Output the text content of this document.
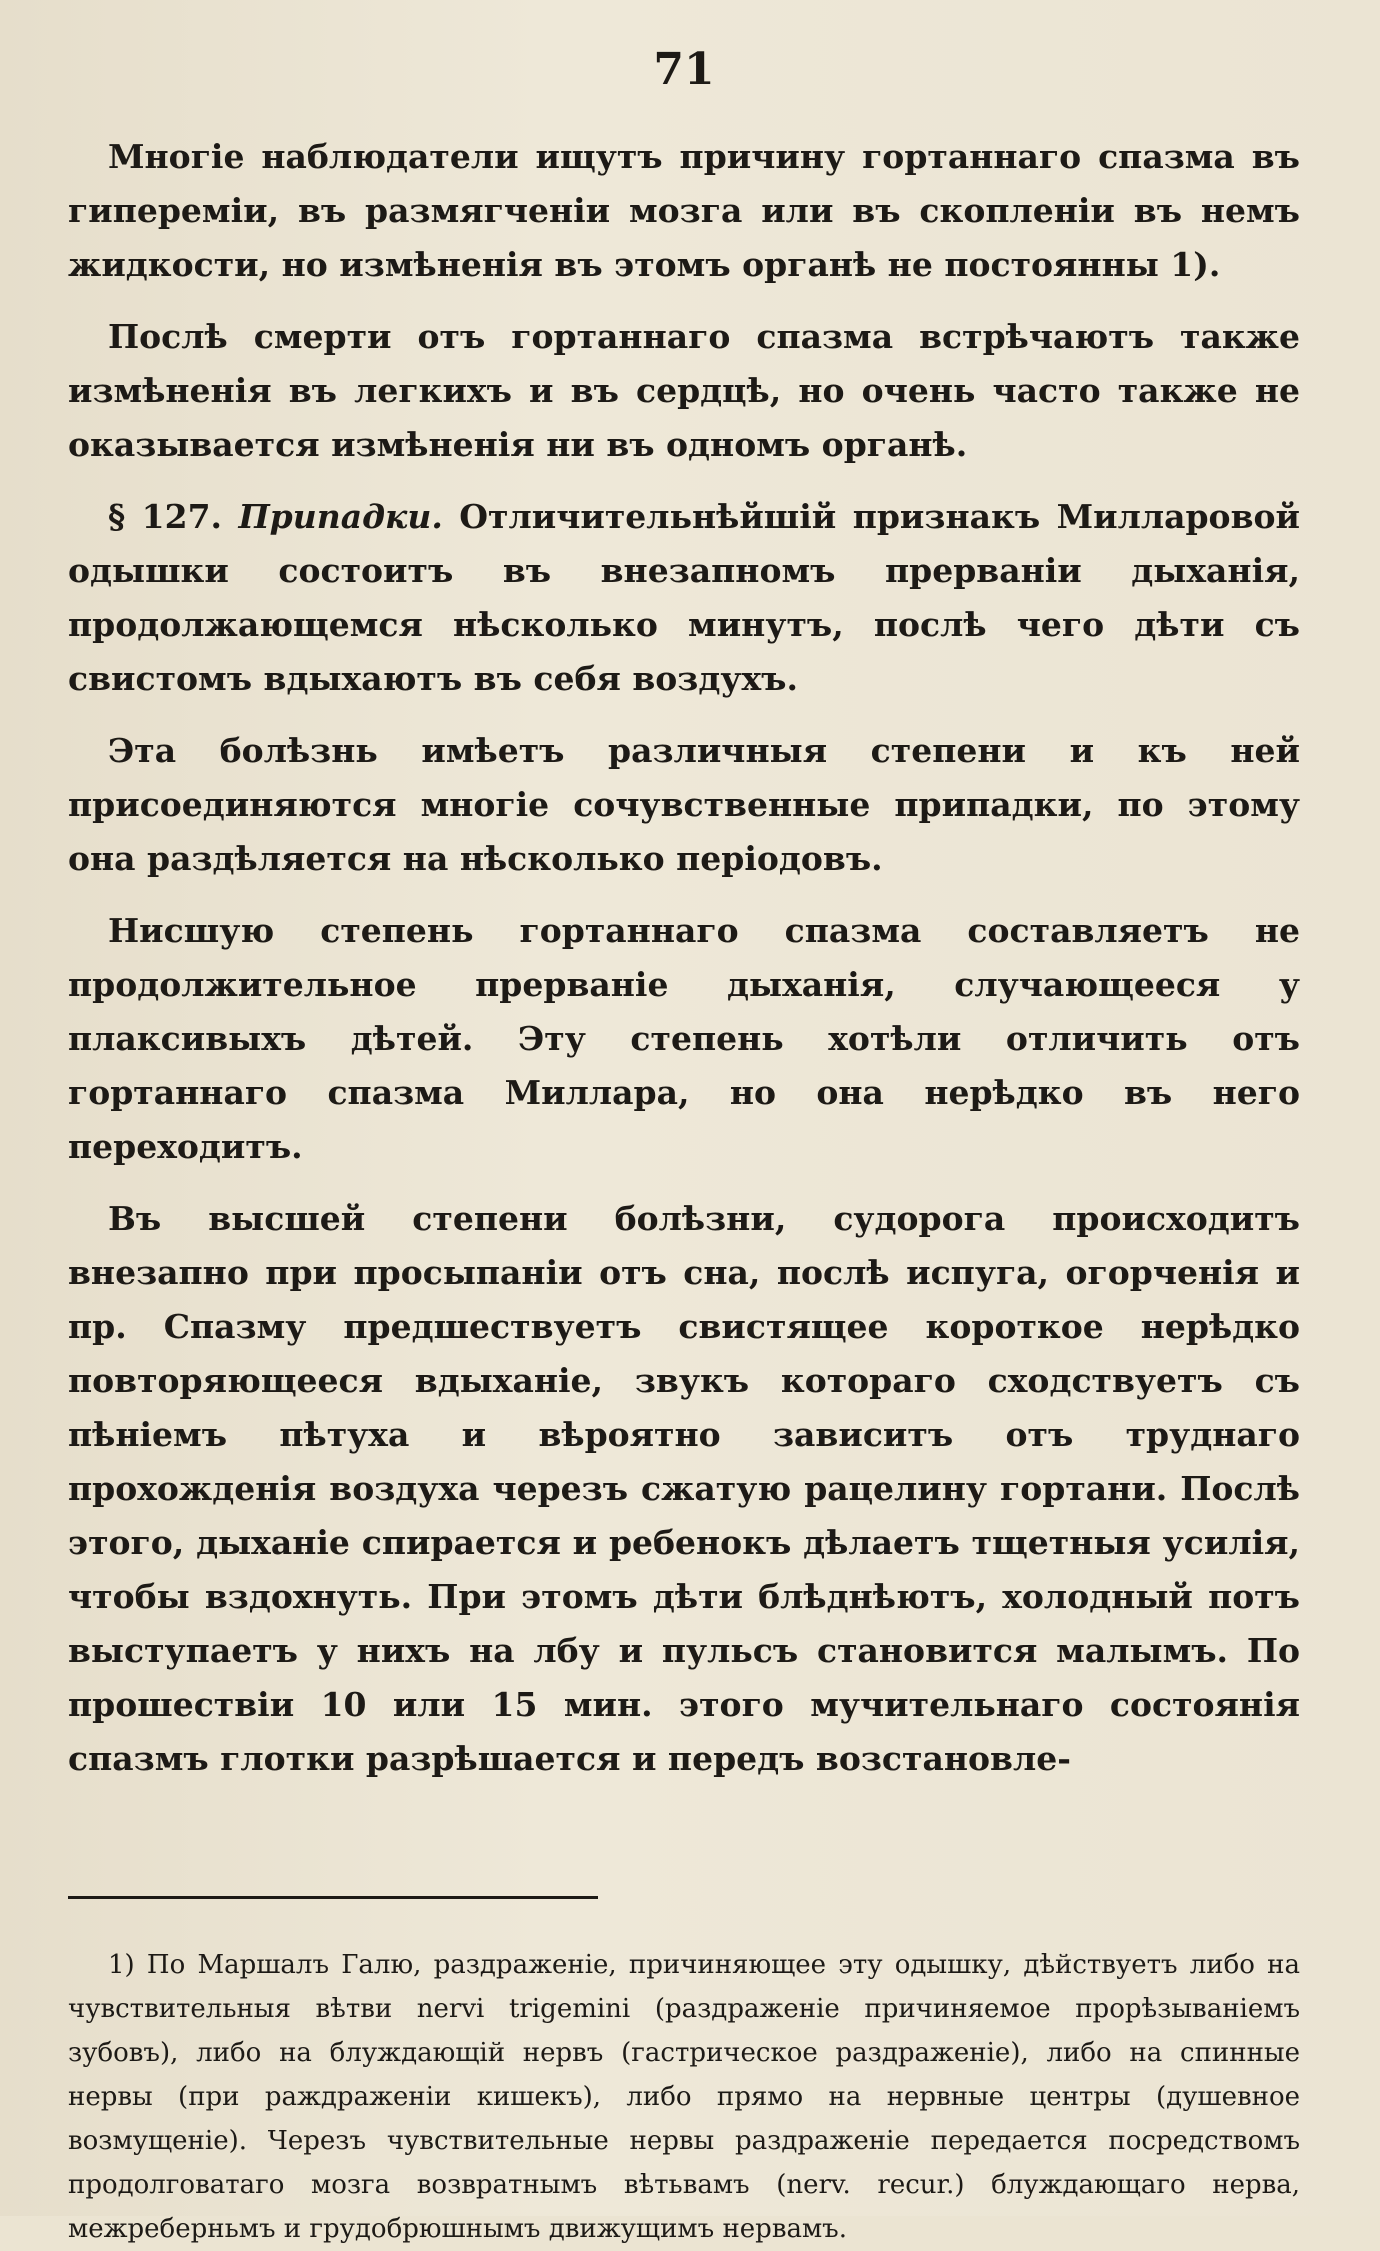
71

Многіе наблюдатели ищутъ причину гортаннаго спазма въ гиперемiи, въ размягченiи мозга или въ скопленiи въ немъ жидкости, но измѣненія въ этомъ органѣ не постоянны 1).

Послѣ смерти отъ гортаннаго спазма встрѣчаютъ также измѣненія въ легкихъ и въ сердцѣ, но очень часто также не оказывается измѣненія ни въ одномъ органѣ.

§ 127. Припадки. Отличительнѣйшій признакъ Милларовой одышки состоитъ въ внезапномъ прерванiи дыханія, продолжающемся нѣсколько минутъ, послѣ чего дѣти съ свистомъ вдыхаютъ въ себя воздухъ.

Эта болѣзнь имѣетъ различныя степени и къ ней присоединяются многіе сочувственные припадки, по этому она раздѣляется на нѣсколько перiодовъ.

Нисшую степень гортаннаго спазма составляетъ не продолжительное прерваніе дыханія, случающееся у плаксивыхъ дѣтей. Эту степень хотѣли отличить отъ гортаннаго спазма Миллара, но она нерѣдко въ него переходитъ.

Въ высшей степени болѣзни, судорога происходитъ внезапно при просыпаніи отъ сна, послѣ испуга, огорченія и пр. Спазму предшествуетъ свистящее короткое нерѣдко повторяющееся вдыханіе, звукъ котораго сходствуетъ съ пѣніемъ пѣтуха и вѣроятно зависитъ отъ труднаго прохожденія воздуха черезъ сжатую рацелину гортани. Послѣ этого, дыханіе спирается и ребенокъ дѣлаетъ тщетныя усилія, чтобы вздохнуть. При этомъ дѣти блѣднѣютъ, холодный потъ выступаетъ у нихъ на лбу и пульсъ становится малымъ. По прошествіи 10 или 15 мин. этого мучительнаго состоянія спазмъ глотки разрѣшается и передъ возстановле-

1) По Маршалъ Галю, раздраженіе, причиняющее эту одышку, дѣйствуетъ либо на чувствительныя вѣтви nervi trigemini (раздраженіе причиняемое прорѣзываніемъ зубовъ), либо на блуждающій нервъ (гастрическое раздраженіе), либо на спинные нервы (при раждраженіи кишекъ), либо прямо на нервные центры (душевное возмущеніе). Черезъ чувствительные нервы раздраженіе передается посредствомъ продолговатаго мозга возвратнымъ вѣтьвамъ (nerv. recur.) блуждающаго нерва, межреберньмъ и грудобрюшнымъ движущимъ нервамъ.
